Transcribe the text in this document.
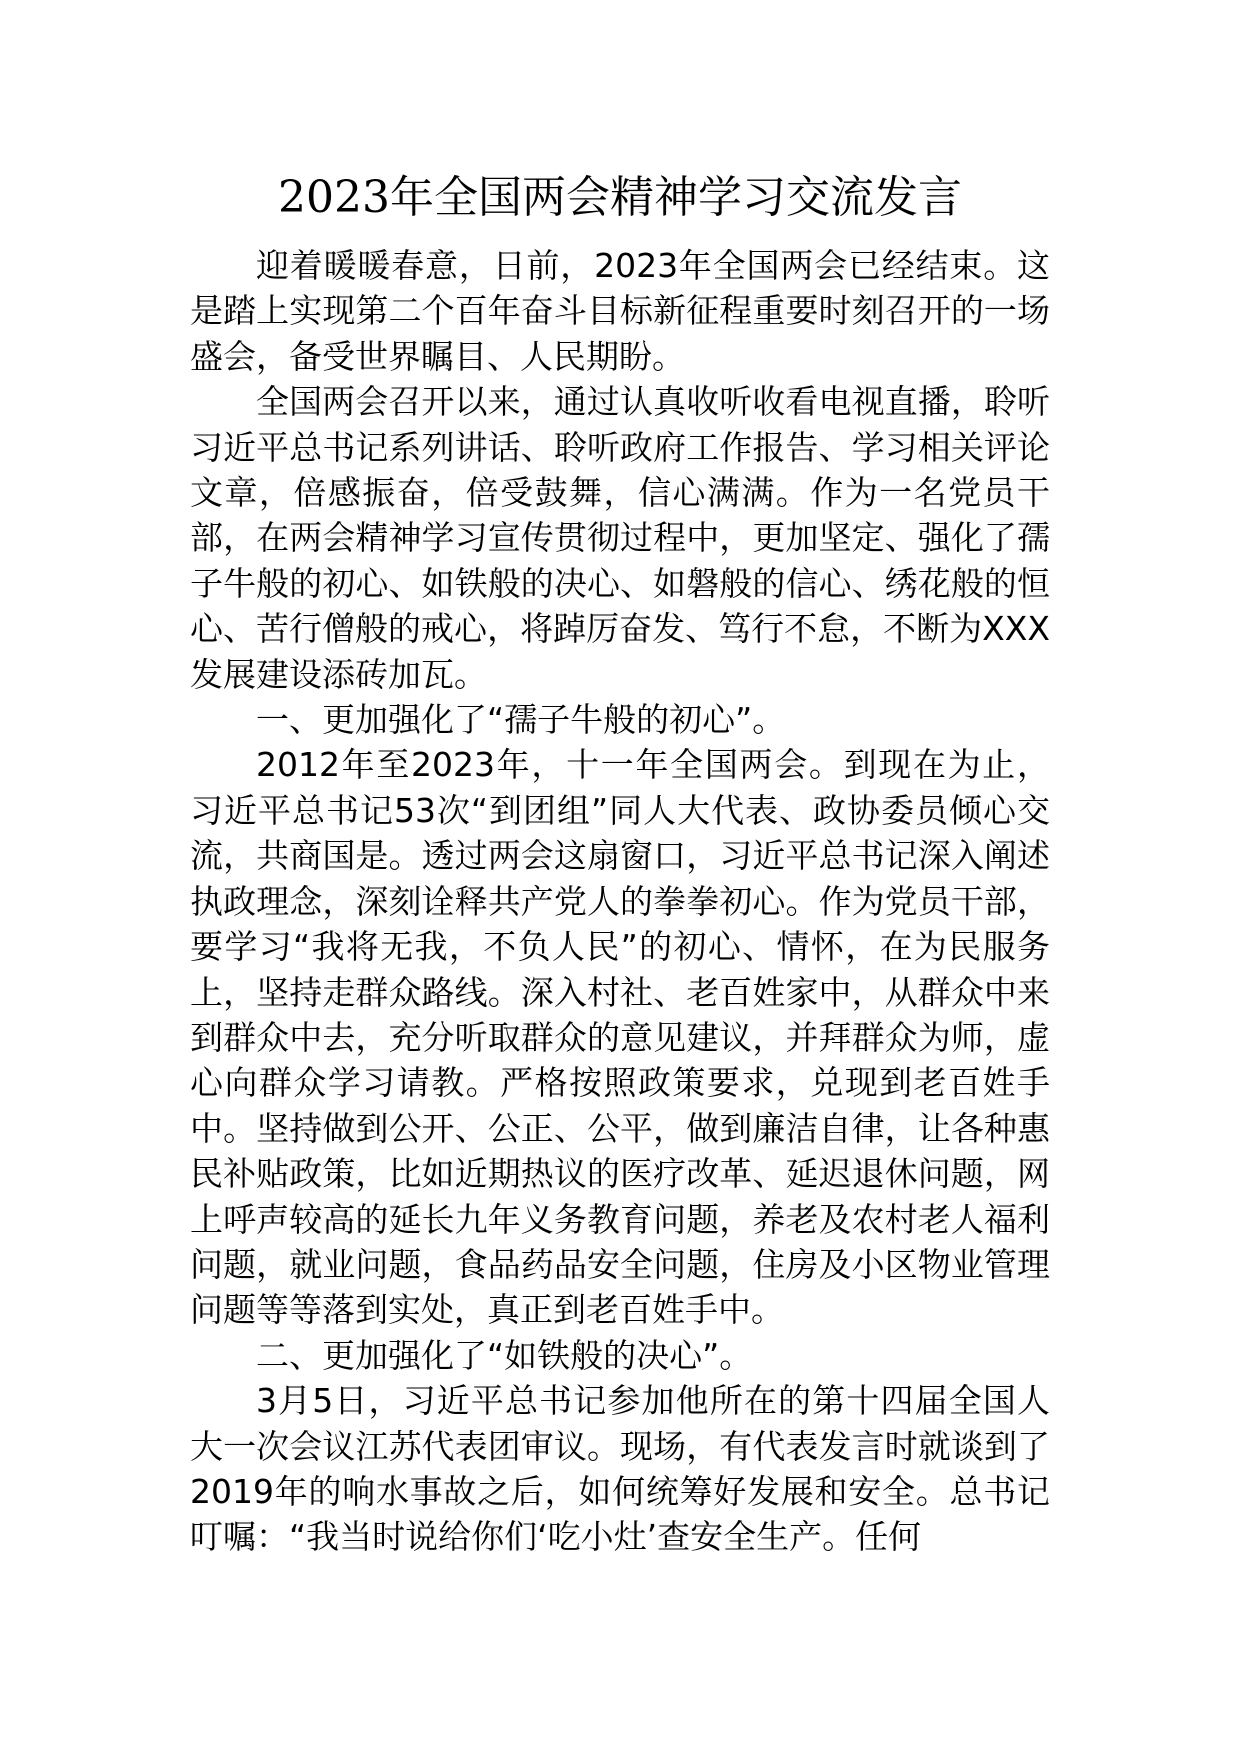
2023年全国两会精神学习交流发言

迎着暖暖春意，日前，2023年全国两会已经结束。这是踏上实现第二个百年奋斗目标新征程重要时刻召开的一场盛会，备受世界瞩目、人民期盼。

全国两会召开以来，通过认真收听收看电视直播，聆听习近平总书记系列讲话、聆听政府工作报告、学习相关评论文章，倍感振奋，倍受鼓舞，信心满满。作为一名党员干部，在两会精神学习宣传贯彻过程中，更加坚定、强化了孺子牛般的初心、如铁般的决心、如磐般的信心、绣花般的恒心、苦行僧般的戒心，将踔厉奋发、笃行不怠，不断为XXX发展建设添砖加瓦。

一、更加强化了“孺子牛般的初心”。

2012年至2023年，十一年全国两会。到现在为止，习近平总书记53次“到团组”同人大代表、政协委员倾心交流，共商国是。透过两会这扇窗口，习近平总书记深入阐述执政理念，深刻诠释共产党人的拳拳初心。作为党员干部，要学习“我将无我，不负人民”的初心、情怀，在为民服务上，坚持走群众路线。深入村社、老百姓家中，从群众中来到群众中去，充分听取群众的意见建议，并拜群众为师，虚心向群众学习请教。严格按照政策要求，兑现到老百姓手中。坚持做到公开、公正、公平，做到廉洁自律，让各种惠民补贴政策，比如近期热议的医疗改革、延迟退休问题，网上呼声较高的延长九年义务教育问题，养老及农村老人福利问题，就业问题，食品药品安全问题，住房及小区物业管理问题等等落到实处，真正到老百姓手中。

二、更加强化了“如铁般的决心”。

3月5日，习近平总书记参加他所在的第十四届全国人大一次会议江苏代表团审议。现场，有代表发言时就谈到了2019年的响水事故之后，如何统筹好发展和安全。总书记叮嘱：“我当时说给你们‘吃小灶’查安全生产。任何
